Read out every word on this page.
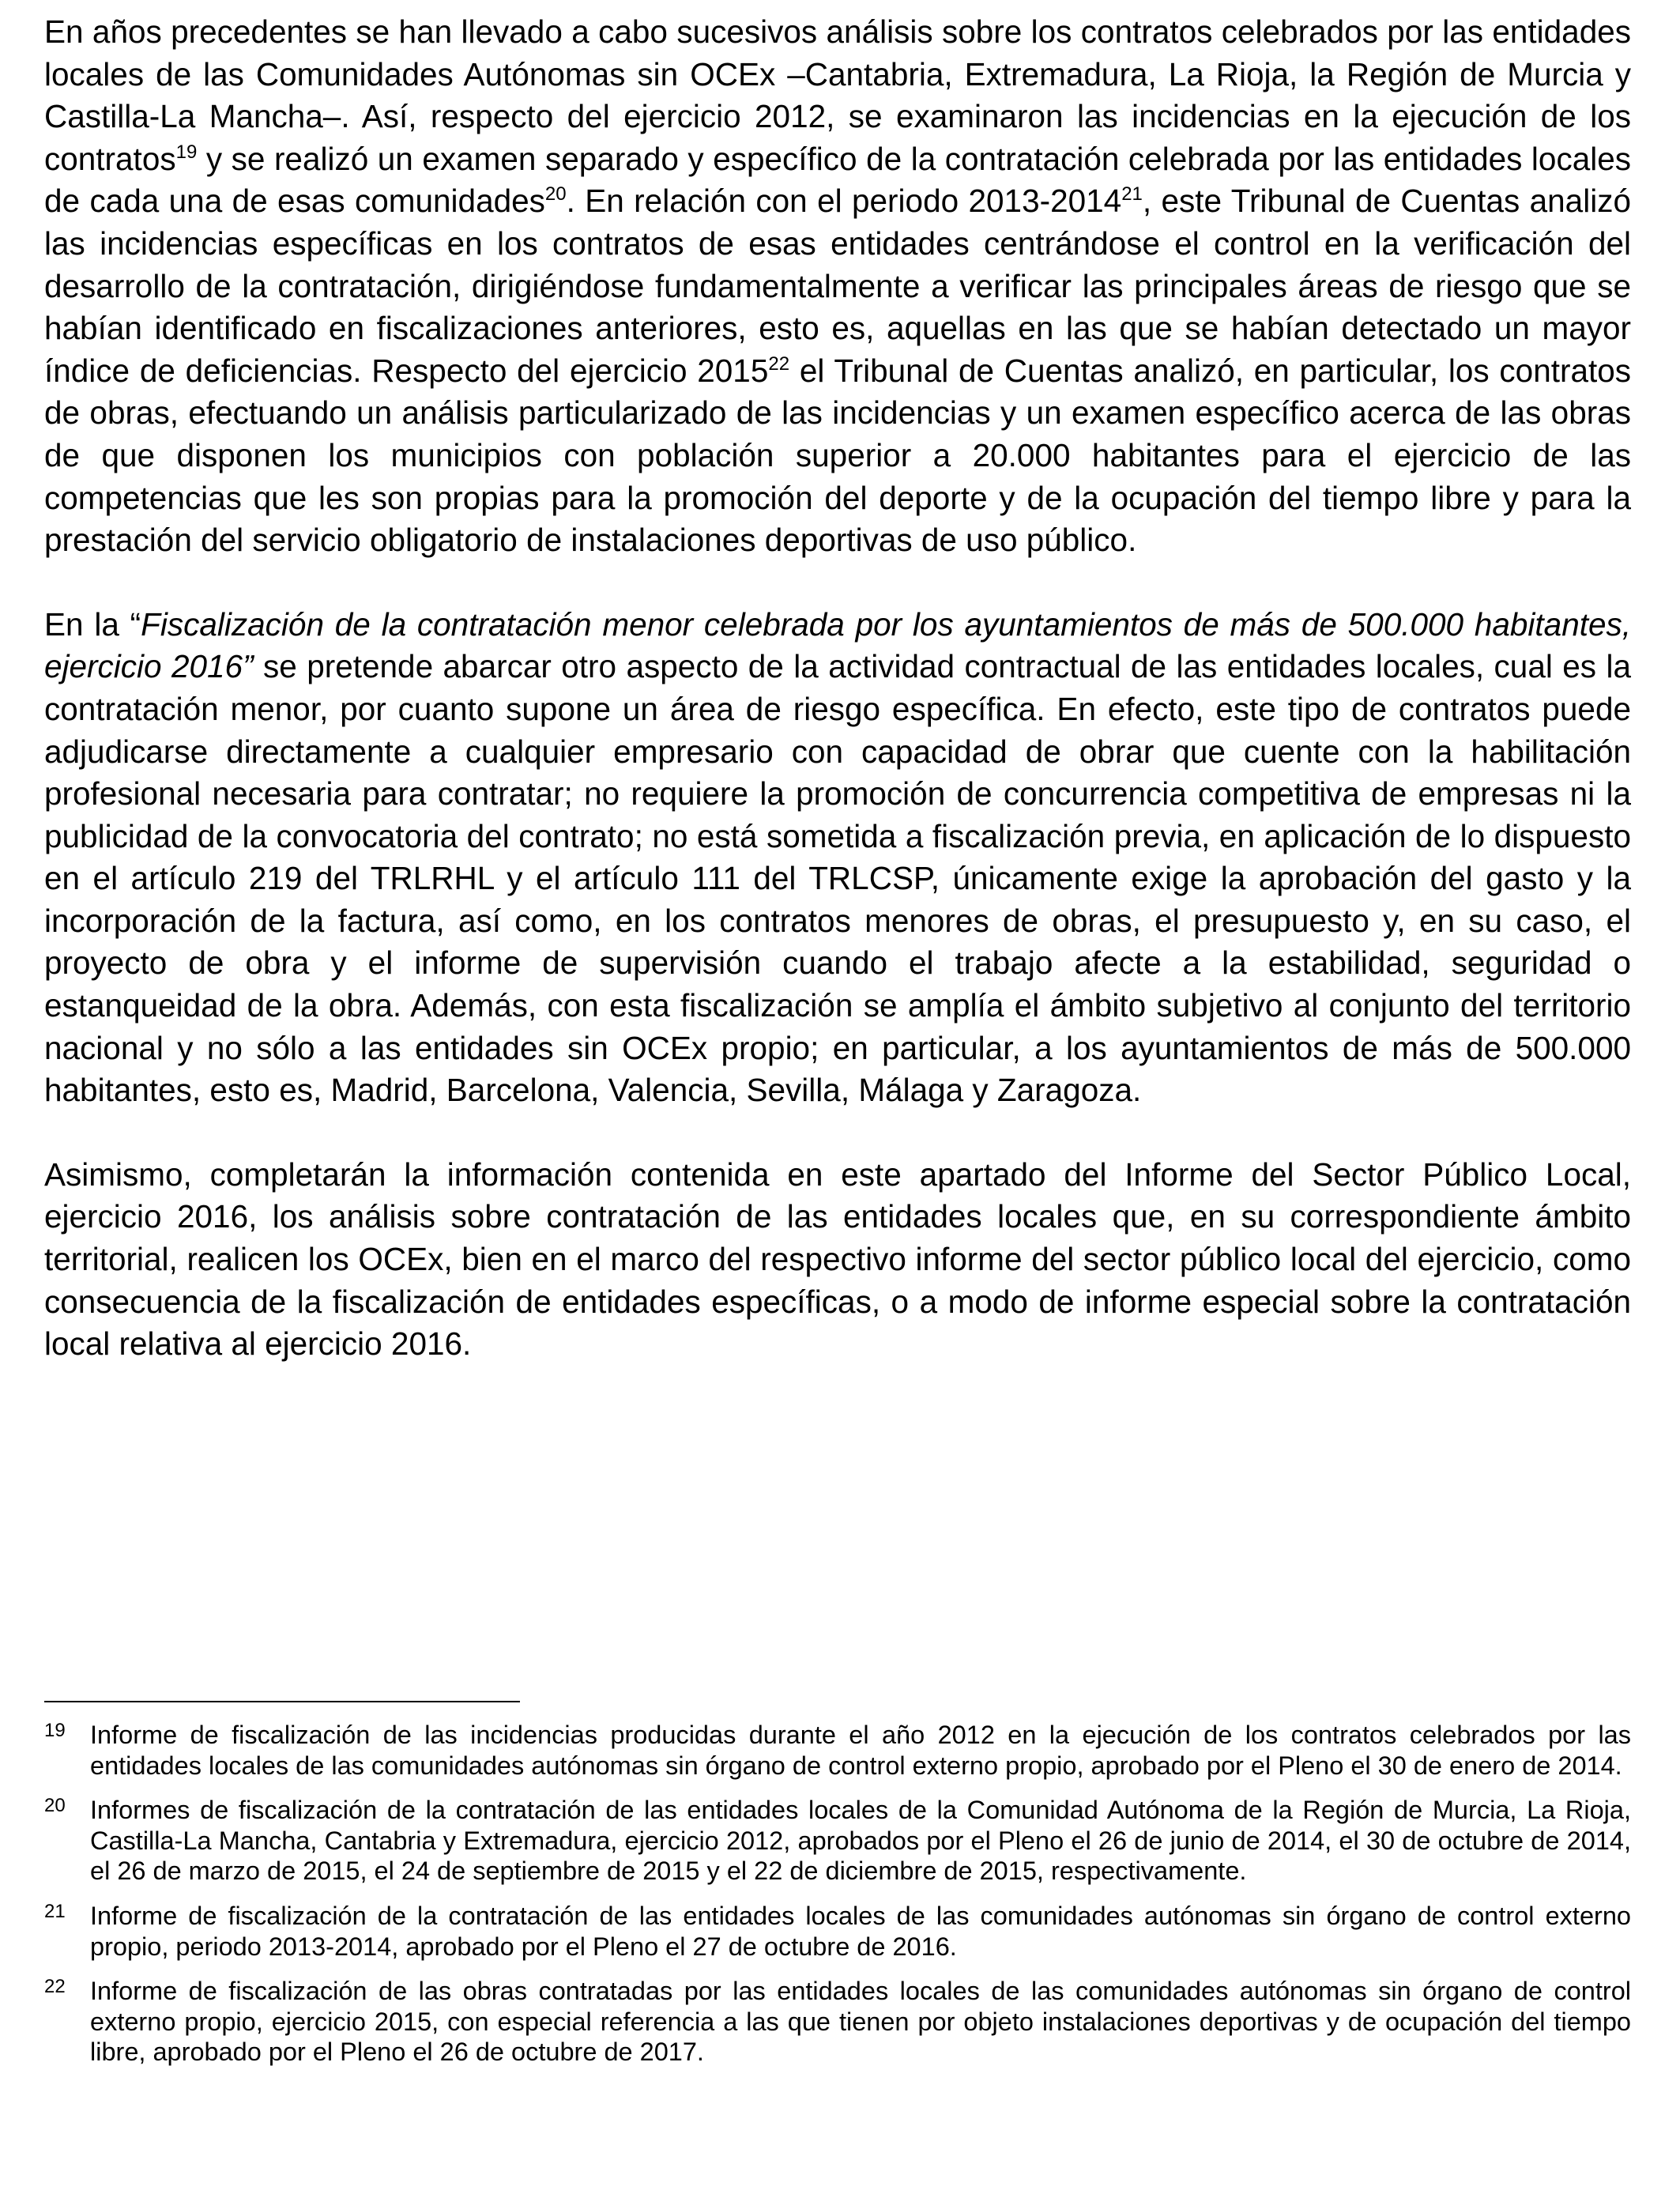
En años precedentes se han llevado a cabo sucesivos análisis sobre los contratos celebrados por las entidades locales de las Comunidades Autónomas sin OCEx –Cantabria, Extremadura, La Rioja, la Región de Murcia y Castilla-La Mancha–. Así, respecto del ejercicio 2012, se examinaron las incidencias en la ejecución de los contratos$^{19}$ y se realizó un examen separado y específico de la contratación celebrada por las entidades locales de cada una de esas comunidades$^{20}$. En relación con el periodo 2013-2014$^{21}$, este Tribunal de Cuentas analizó las incidencias específicas en los contratos de esas entidades centrándose el control en la verificación del desarrollo de la contratación, dirigiéndose fundamentalmente a verificar las principales áreas de riesgo que se habían identificado en fiscalizaciones anteriores, esto es, aquellas en las que se habían detectado un mayor índice de deficiencias. Respecto del ejercicio 2015$^{22}$ el Tribunal de Cuentas analizó, en particular, los contratos de obras, efectuando un análisis particularizado de las incidencias y un examen específico acerca de las obras de que disponen los municipios con población superior a 20.000 habitantes para el ejercicio de las competencias que les son propias para la promoción del deporte y de la ocupación del tiempo libre y para la prestación del servicio obligatorio de instalaciones deportivas de uso público.

En la “Fiscalización de la contratación menor celebrada por los ayuntamientos de más de 500.000 habitantes, ejercicio 2016” se pretende abarcar otro aspecto de la actividad contractual de las entidades locales, cual es la contratación menor, por cuanto supone un área de riesgo específica. En efecto, este tipo de contratos puede adjudicarse directamente a cualquier empresario con capacidad de obrar que cuente con la habilitación profesional necesaria para contratar; no requiere la promoción de concurrencia competitiva de empresas ni la publicidad de la convocatoria del contrato; no está sometida a fiscalización previa, en aplicación de lo dispuesto en el artículo 219 del TRLRHL y el artículo 111 del TRLCSP, únicamente exige la aprobación del gasto y la incorporación de la factura, así como, en los contratos menores de obras, el presupuesto y, en su caso, el proyecto de obra y el informe de supervisión cuando el trabajo afecte a la estabilidad, seguridad o estanqueidad de la obra. Además, con esta fiscalización se amplía el ámbito subjetivo al conjunto del territorio nacional y no sólo a las entidades sin OCEx propio; en particular, a los ayuntamientos de más de 500.000 habitantes, esto es, Madrid, Barcelona, Valencia, Sevilla, Málaga y Zaragoza.

Asimismo, completarán la información contenida en este apartado del Informe del Sector Público Local, ejercicio 2016, los análisis sobre contratación de las entidades locales que, en su correspondiente ámbito territorial, realicen los OCEx, bien en el marco del respectivo informe del sector público local del ejercicio, como consecuencia de la fiscalización de entidades específicas, o a modo de informe especial sobre la contratación local relativa al ejercicio 2016.

19 Informe de fiscalización de las incidencias producidas durante el año 2012 en la ejecución de los contratos celebrados por las entidades locales de las comunidades autónomas sin órgano de control externo propio, aprobado por el Pleno el 30 de enero de 2014.

20 Informes de fiscalización de la contratación de las entidades locales de la Comunidad Autónoma de la Región de Murcia, La Rioja, Castilla-La Mancha, Cantabria y Extremadura, ejercicio 2012, aprobados por el Pleno el 26 de junio de 2014, el 30 de octubre de 2014, el 26 de marzo de 2015, el 24 de septiembre de 2015 y el 22 de diciembre de 2015, respectivamente.

21 Informe de fiscalización de la contratación de las entidades locales de las comunidades autónomas sin órgano de control externo propio, periodo 2013-2014, aprobado por el Pleno el 27 de octubre de 2016.

22 Informe de fiscalización de las obras contratadas por las entidades locales de las comunidades autónomas sin órgano de control externo propio, ejercicio 2015, con especial referencia a las que tienen por objeto instalaciones deportivas y de ocupación del tiempo libre, aprobado por el Pleno el 26 de octubre de 2017.
